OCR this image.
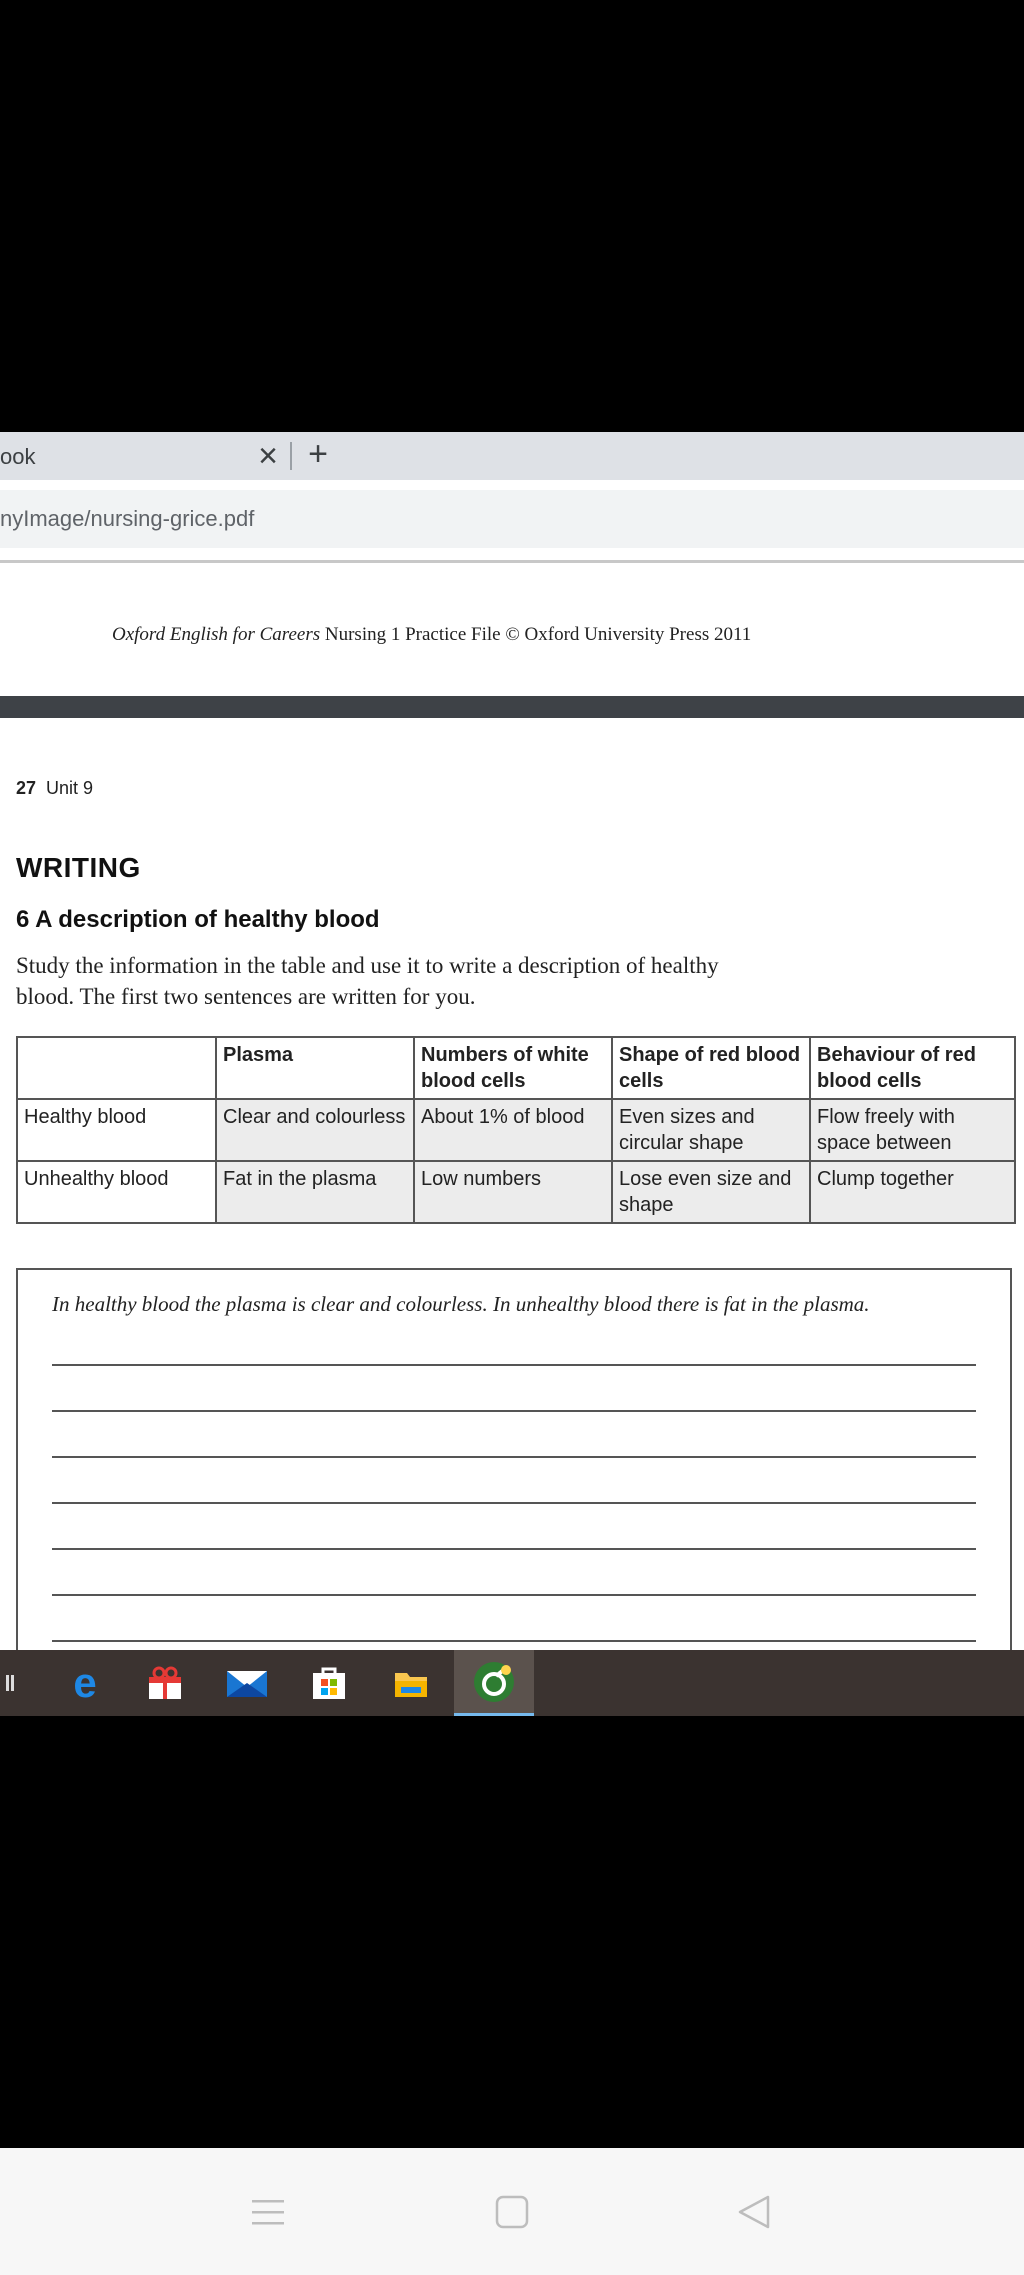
ook	× +
nyImage/nursing-grice.pdf
Oxford English for Careers Nursing 1 Practice File © Oxford University Press 2011
27 Unit 9
WRITING
6 A description of healthy blood
Study the information in the table and use it to write a description of healthy blood. The first two sentences are written for you.
	Plasma	Numbers of white blood cells	Shape of red blood cells	Behaviour of red blood cells
Healthy blood	Clear and colourless	About 1% of blood	Even sizes and circular shape	Flow freely with space between
Unhealthy blood	Fat in the plasma	Low numbers	Lose even size and shape	Clump together
In healthy blood the plasma is clear and colourless. In unhealthy blood there is fat in the plasma.
e
